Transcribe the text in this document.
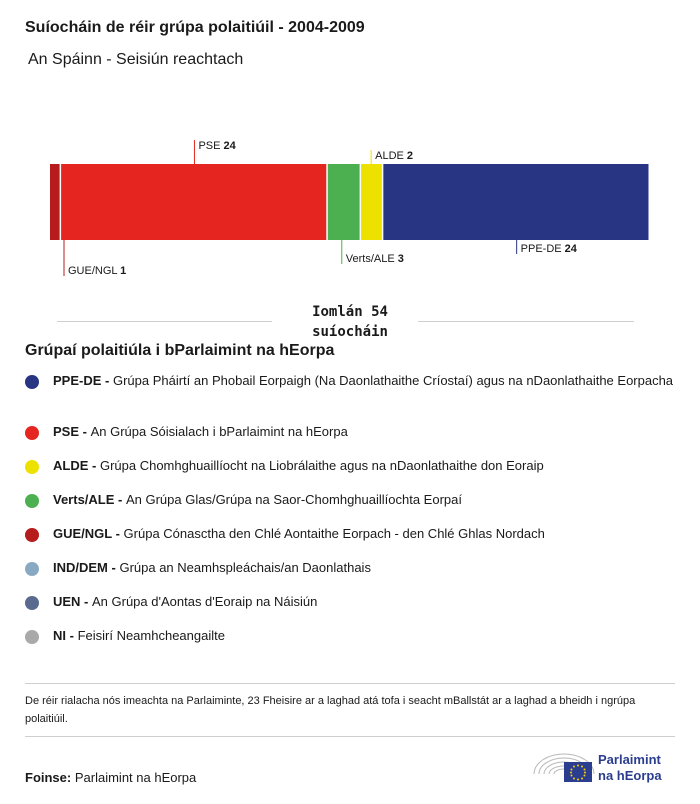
Suíocháin de réir grúpa polaitiúil - 2004-2009
An Spáinn - Seisiún reachtach
GUE/NGL 1
PSE 24
Verts/ALE 3
ALDE 2
PPE-DE 24
Iomlán 54 suíocháin
Grúpaí polaitiúla i bParlaimint na hEorpa
PPE-DE - Grúpa Pháirtí an Phobail Eorpaigh (Na Daonlathaithe Críostaí) agus na nDaonlathaithe Eorpacha
PSE - An Grúpa Sóisialach i bParlaimint na hEorpa
ALDE - Grúpa Chomhghuaillíocht na Liobrálaithe agus na nDaonlathaithe don Eoraip
Verts/ALE - An Grúpa Glas/Grúpa na Saor-Chomhghuaillíochta Eorpaí
GUE/NGL - Grúpa Cónasctha den Chlé Aontaithe Eorpach - den Chlé Ghlas Nordach
IND/DEM - Grúpa an Neamhspleáchais/an Daonlathais
UEN - An Grúpa d'Aontas d'Eoraip na Náisiún
NI - Feisirí Neamhcheangailte
De réir rialacha nós imeachta na Parlaiminte, 23 Fheisire ar a laghad atá tofa i seacht mBallstát ar a laghad a bheidh i ngrúpa polaitiúil.
Foinse: Parlaimint na hEorpa
Parlaimint
na hEorpa
